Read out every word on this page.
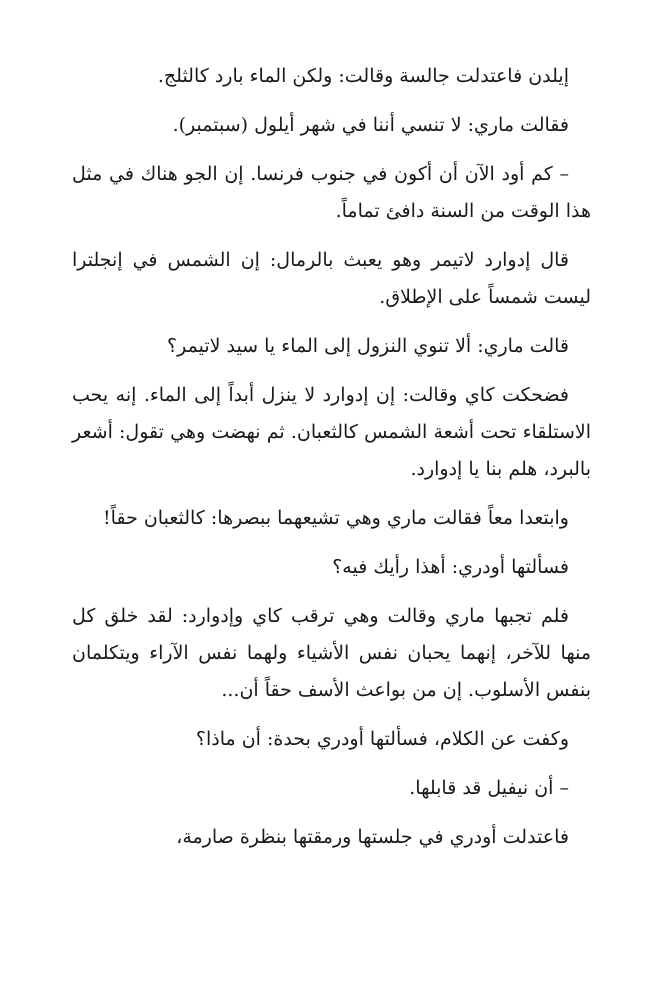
إيلدن فاعتدلت جالسة وقالت: ولكن الماء بارد كالثلج.

فقالت ماري: لا تنسي أننا في شهر أيلول (سبتمبر).

– كم أود الآن أن أكون في جنوب فرنسا. إن الجو هناك في مثل هذا الوقت من السنة دافئ تماماً.

قال إدوارد لاتيمر وهو يعبث بالرمال: إن الشمس في إنجلترا ليست شمساً على الإطلاق.

قالت ماري: ألا تنوي النزول إلى الماء يا سيد لاتيمر؟

فضحكت كاي وقالت: إن إدوارد لا ينزل أبداً إلى الماء. إنه يحب الاستلقاء تحت أشعة الشمس كالثعبان. ثم نهضت وهي تقول: أشعر بالبرد، هلم بنا يا إدوارد.

وابتعدا معاً فقالت ماري وهي تشيعهما ببصرها: كالثعبان حقاً!

فسألتها أودري: أهذا رأيك فيه؟

فلم تجبها ماري وقالت وهي ترقب كاي وإدوارد: لقد خلق كل منها للآخر، إنهما يحبان نفس الأشياء ولهما نفس الآراء ويتكلمان بنفس الأسلوب. إن من بواعث الأسف حقاً أن...

وكفت عن الكلام، فسألتها أودري بحدة: أن ماذا؟

– أن نيفيل قد قابلها.

فاعتدلت أودري في جلستها ورمقتها بنظرة صارمة،
